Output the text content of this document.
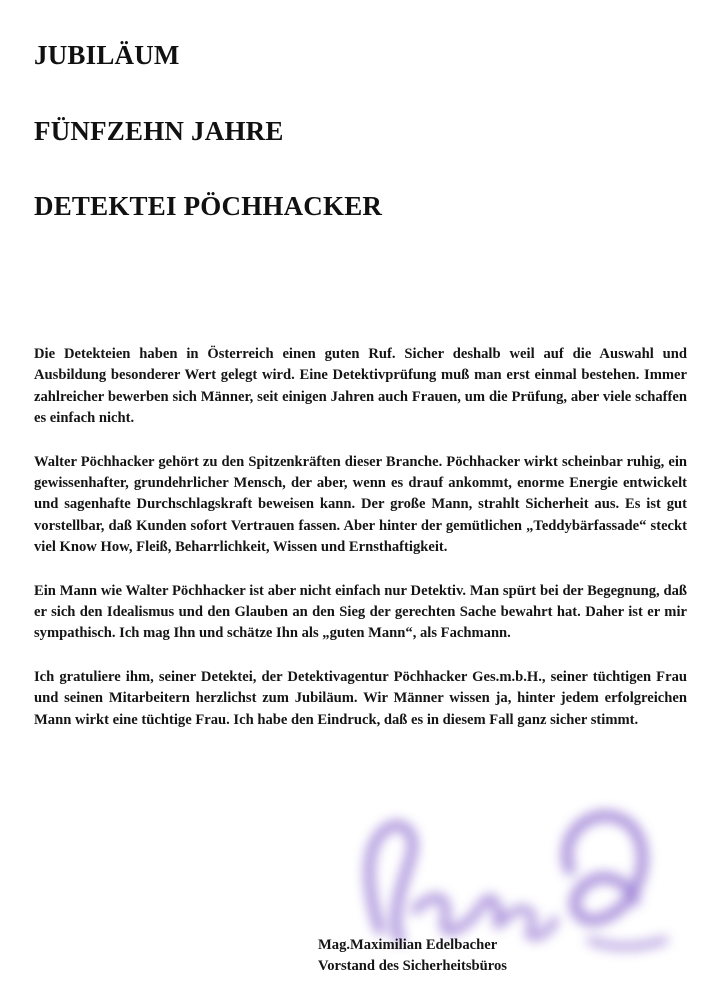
JUBILÄUM
FÜNFZEHN JAHRE
DETEKTEI PÖCHHACKER

Die Detekteien haben in Österreich einen guten Ruf. Sicher deshalb weil auf die Auswahl und Ausbildung besonderer Wert gelegt wird. Eine Detektivprüfung muß man erst einmal bestehen. Immer zahlreicher bewerben sich Männer, seit einigen Jahren auch Frauen, um die Prüfung, aber viele schaffen es einfach nicht.

Walter Pöchhacker gehört zu den Spitzenkräften dieser Branche. Pöchhacker wirkt scheinbar ruhig, ein gewissenhafter, grundehrlicher Mensch, der aber, wenn es drauf ankommt, enorme Energie entwickelt und sagenhafte Durchschlagskraft beweisen kann. Der große Mann, strahlt Sicherheit aus. Es ist gut vorstellbar, daß Kunden sofort Vertrauen fassen. Aber hinter der gemütlichen „Teddybärfassade“ steckt viel Know How, Fleiß, Beharrlichkeit, Wissen und Ernsthaftigkeit.

Ein Mann wie Walter Pöchhacker ist aber nicht einfach nur Detektiv. Man spürt bei der Begegnung, daß er sich den Idealismus und den Glauben an den Sieg der gerechten Sache bewahrt hat. Daher ist er mir sympathisch. Ich mag Ihn und schätze Ihn als „guten Mann“, als Fachmann.

Ich gratuliere ihm, seiner Detektei, der Detektivagentur Pöchhacker Ges.m.b.H., seiner tüchtigen Frau und seinen Mitarbeitern herzlichst zum Jubiläum. Wir Männer wissen ja, hinter jedem erfolgreichen Mann wirkt eine tüchtige Frau. Ich habe den Eindruck, daß es in diesem Fall ganz sicher stimmt.

Mag.Maximilian Edelbacher

Vorstand des Sicherheitsbüros
